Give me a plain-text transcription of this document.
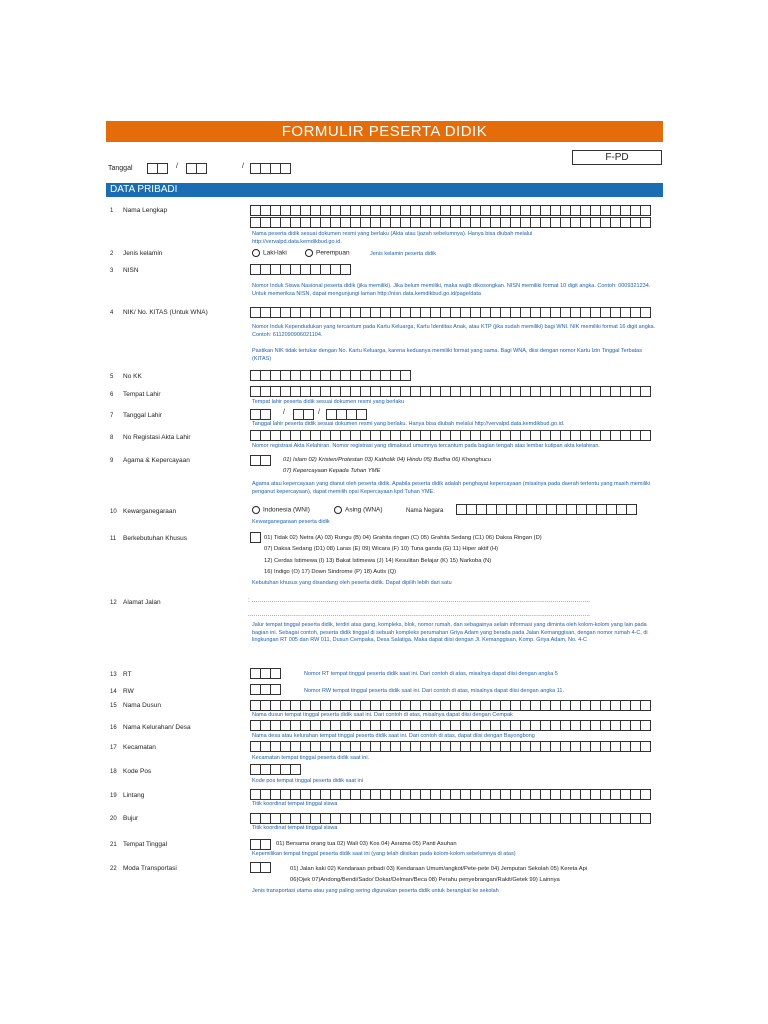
FORMULIR PESERTA DIDIK
F-PD
Tanggal	/	/
DATA PRIBADI
1 Nama Lengkap
Nama peserta didik sesuai dokumen resmi yang berlaku (Akta atau Ijazah sebelumnya). Hanya bisa diubah melalui http://vervalpd.data.kemdikbud.go.id.
2 Jenis kelamin	Laki-laki	Perempuan	Jenis kelamin peserta didik
3 NISN
Nomor Induk Siswa Nasional peserta didik (jika memiliki). Jika belum memiliki, maka wajib dikosongkan. NISN memiliki format 10 digit angka. Contoh: 0009321234. Untuk memeriksa NISN, dapat mengunjungi laman http://nisn.data.kemdikbud.go.id/page/data
4 NIK/ No. KITAS (Untuk WNA)
Nomor Induk Kependudukan yang tercantum pada Kartu Keluarga, Kartu Identitas Anak, atau KTP (jika sudah memiliki) bagi WNI. NIK memiliki format 16 digit angka. Contoh: 6112090906021104.
Pastikan NIK tidak tertukar dengan No. Kartu Keluarga, karena keduanya memiliki format yang sama. Bagi WNA, diisi dengan nomor Kartu Izin Tinggal Terbatas (KITAS)
5 No KK
6 Tempat Lahir
Tempat lahir peserta didik sesuai dokumen resmi yang berlaku
7 Tanggal Lahir	/	/
Tanggal lahir peserta didik sesuai dokumen resmi yang berlaku. Hanya bisa diubah melalui http://vervalpd.data.kemdikbud.go.id.
8 No Registasi Akta Lahir
Nomor registrasi Akta Kelahiran. Nomor registrasi yang dimaksud umumnya tercantum pada bagian tengah atas lembar kutipan akta kelahiran.
9 Agama & Kepercayaan	01) Islam 02) Kristen/Protestan 03) Katholik 04) Hindu 05) Budha 06) Khonghucu
07) Kepercayaan Kepada Tuhan YME
Agama atau kepercayaan yang dianut oleh peserta didik. Apabila peserta didik adalah penghayat kepercayaan (misalnya pada daerah tertentu yang masih memiliki penganut kepercayaan), dapat memilih opsi Kepercayaan kpd Tuhan YME.
10 Kewarganegaraan	Indonesia (WNI)	Asing (WNA)	Nama Negara
Kewarganegaraan peserta didik
11 Berkebutuhan Khusus	01) Tidak 02) Netra (A) 03) Rungu (B) 04) Grahita ringan (C) 05) Grahita Sedang (C1) 06) Daksa Ringan (D)
07) Daksa Sedang (D1) 08) Laras (E) 09) Wicara (F) 10) Tuna ganda (G) 11) Hiper aktif (H)
12) Cerdas Istimewa (I) 13) Bakat Istimewa (J) 14) Kesulitan Belajar (K) 15) Narkoba (N)
16) Indigo (O) 17) Down Sindrome (P) 18) Autis (Q)
Kebutuhan khusus yang disandang oleh peserta didik. Dapat dipilih lebih dari satu
12 Alamat Jalan	: ............................................................................................................................................................................
..............................................................................................................................................................................
Jalur tempat tinggal peserta didik, terdiri atas gang, kompleks, blok, nomor rumah, dan sebagainya selain informasi yang diminta oleh kolom-kolom yang lain pada bagian ini. Sebagai contoh, peserta didik tinggal di sebuah kompleks perumahan Griya Adam yang berada pada Jalan Kemanggisan, dengan nomor rumah 4-C, di lingkungan RT 005 dan RW 011, Dusun Cempaka, Desa Salatiga. Maka dapat diisi dengan Jl. Kemanggisan, Komp. Griya Adam, No. 4-C
13 RT	Nomor RT tempat tinggal peserta didik saat ini. Dari contoh di atas, misalnya dapat diisi dengan angka 5
14 RW	Nomor RW tempat tinggal peserta didik saat ini. Dari contoh di atas, misalnya dapat diisi dengan angka 11.
15 Nama Dusun
Nama dusun tempat tinggal peserta didik saat ini. Dari contoh di atas, misalnya dapat diisi dengan Cempak
16 Nama Kelurahan/ Desa
Nama desa atau kelurahan tempat tinggal peserta didik saat ini. Dari contoh di atas, dapat diisi dengan Bayongbong
17 Kecamatan
Kecamatan tempat tinggal peserta didik saat ini.
18 Kode Pos
Kode pos tempat tinggal peserta didik saat ini
19 Lintang
Titik koordinat tempat tinggal siswa
20 Bujur
Titik koordinat tempat tinggal siswa
21 Tempat Tinggal	01) Bersama orang tua 02) Wali 03) Kos 04) Asrama 05) Panti Asuhan
Kepemilikan tempat tinggal peserta didik saat ini (yang telah diisikan pada kolom-kolom sebelumnya di atas)
22 Moda Transportasi	01) Jalan kaki 02) Kendaraan pribadi 03) Kendaraan Umum/angkot/Pete-pete 04) Jemputan Sekolah 05) Kereta Api
06)Ojek 07)Andong/Bendi/Sado/ Dokar/Delman/Beca 08) Perahu penyebrangan/Rakit/Getek 99) Lainnya
Jenis transportasi utama atau yang paling sering digunakan peserta didik untuk berangkat ke sekolah
